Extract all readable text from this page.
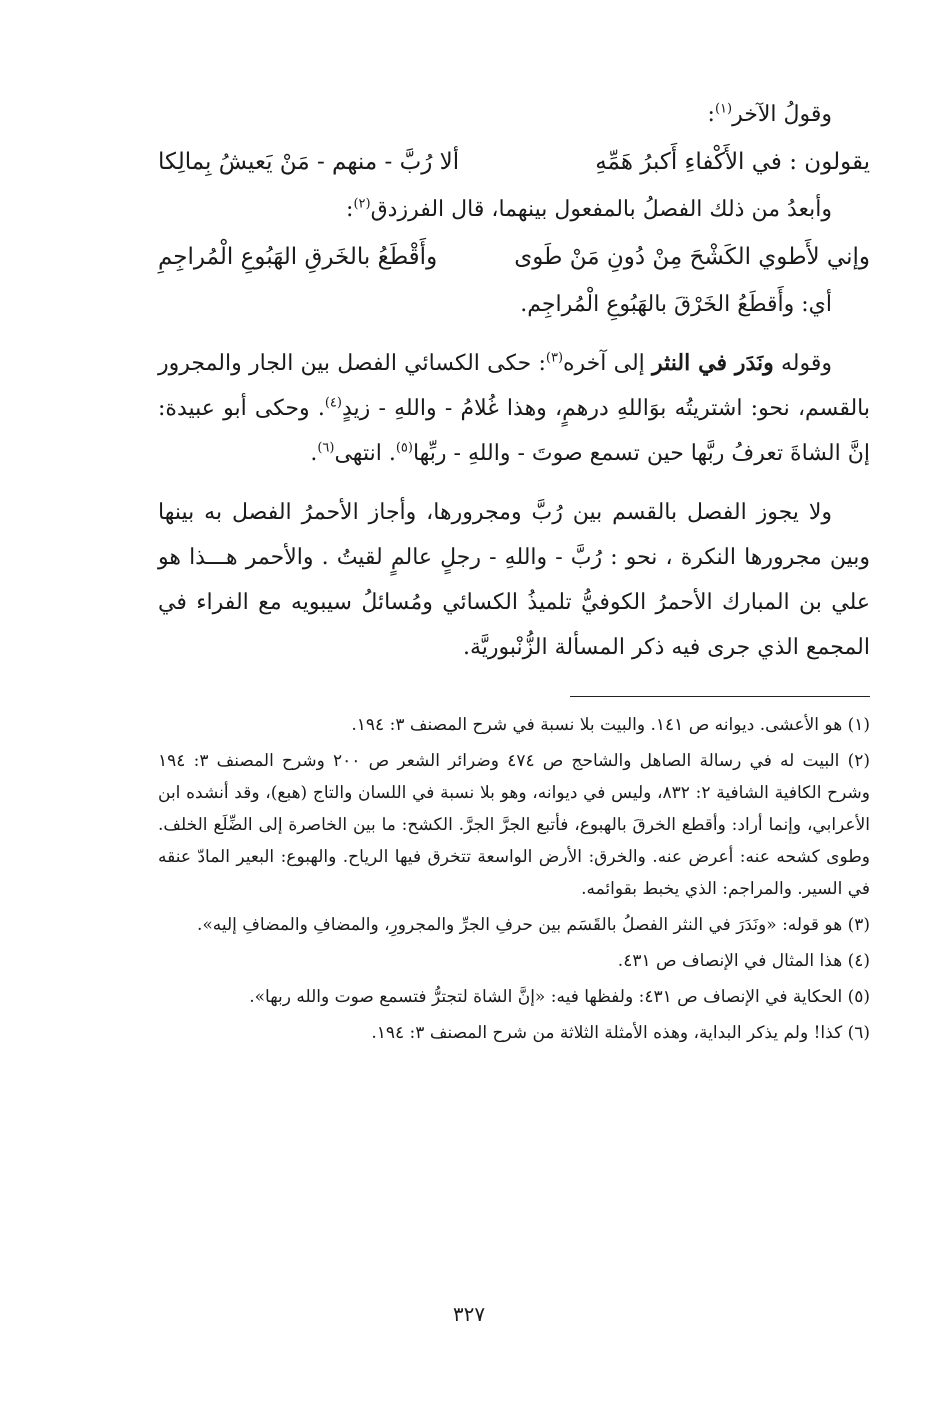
وقولُ الآخر$^{(١)}$:

يقولون : في الأَكْفاءِ أَكبرُ هَمِّهِ
ألا رُبَّ - منهم - مَنْ يَعيشُ بِمالِكا

وأبعدُ من ذلك الفصلُ بالمفعول بينهما، قال الفرزدق$^{(٢)}$:

وإني لأَطوي الكَشْحَ مِنْ دُونِ مَنْ طَوى
وأَقْطَعُ بالخَرقِ الهَبُوعِ الْمُراجِمِ

أي: وأَقطَعُ الخَرْقَ بالهَبُوعِ الْمُراجِم.

وقوله ونَدَر في النثر إلى آخره$^{(٣)}$: حكى الكسائي الفصل بين الجار والمجرور بالقسم، نحو: اشتريتُه بوَاللهِ درهمٍ، وهذا غُلامُ - واللهِ - زيدٍ$^{(٤)}$. وحكى أبو عبيدة: إنَّ الشاةَ تعرفُ ربَّها حين تسمع صوتَ - واللهِ - ربِّها$^{(٥)}$. انتهى$^{(٦)}$.

ولا يجوز الفصل بالقسم بين رُبَّ ومجرورها، وأجاز الأحمرُ الفصل به بينها وبين مجرورها النكرة ، نحو : رُبَّ - واللهِ - رجلٍ عالمٍ لقيتُ . والأحمر هـــذا هو علي بن المبارك الأحمرُ الكوفيُّ تلميذُ الكسائي ومُسائلُ سيبويه مع الفراء في المجمع الذي جرى فيه ذكر المسألة الزُّنْبوريَّة.

(١) هو الأعشى. ديوانه ص ١٤١. والبيت بلا نسبة في شرح المصنف ٣: ١٩٤.

(٢) البيت له في رسالة الصاهل والشاحج ص ٤٧٤ وضرائر الشعر ص ٢٠٠ وشرح المصنف ٣: ١٩٤ وشرح الكافية الشافية ٢: ٨٣٢، وليس في ديوانه، وهو بلا نسبة في اللسان والتاج (هبع)، وقد أنشده ابن الأعرابي، وإنما أراد: وأقطع الخرقَ بالهبوع، فأتبع الجرَّ الجرَّ. الكشح: ما بين الخاصرة إلى الضِّلَع الخلف. وطوى كشحه عنه: أعرض عنه. والخرق: الأرض الواسعة تتخرق فيها الرياح. والهبوع: البعير المادّ عنقه في السير. والمراجم: الذي يخبط بقوائمه.

(٣) هو قوله: «ونَدَرَ في النثر الفصلُ بالقَسَم بين حرفِ الجرِّ والمجرورِ، والمضافِ والمضافِ إليه».

(٤) هذا المثال في الإنصاف ص ٤٣١.

(٥) الحكاية في الإنصاف ص ٤٣١: ولفظها فيه: «إنَّ الشاة لتجترُّ فتسمع صوت والله ربها».

(٦) كذا! ولم يذكر البداية، وهذه الأمثلة الثلاثة من شرح المصنف ٣: ١٩٤.

٣٢٧
